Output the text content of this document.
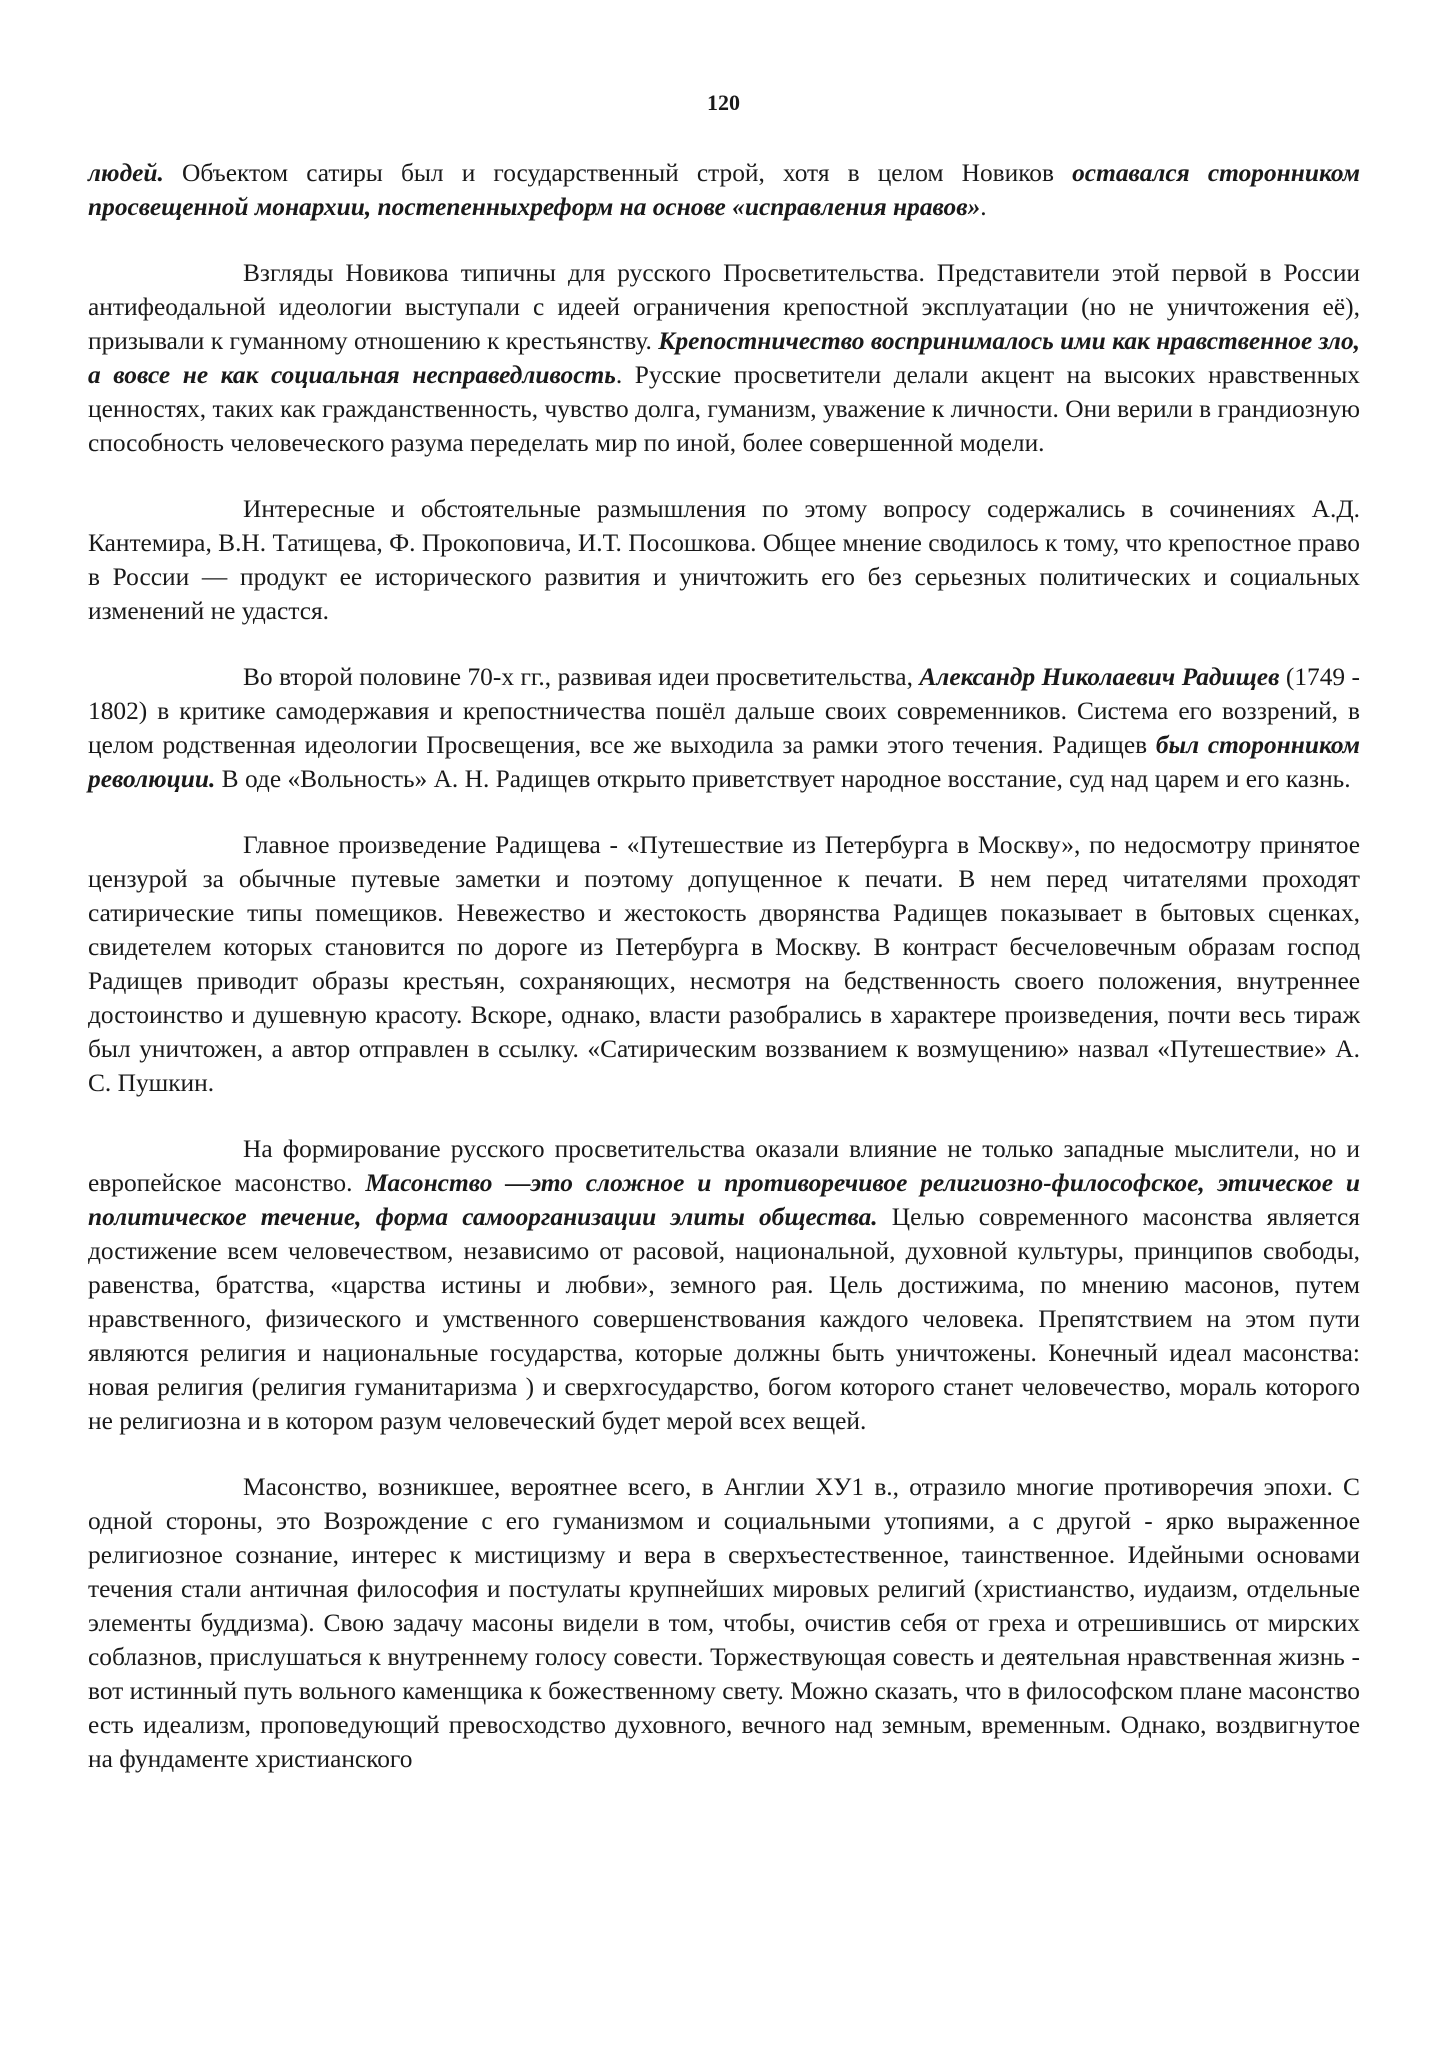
120

людей. Объектом сатиры был и государственный строй, хотя в целом Новиков оставался сторонником просвещенной монархии, постепенныхреформ на основе «исправления нравов».

Взгляды Новикова типичны для русского Просветительства. Представители этой первой в России антифеодальной идеологии выступали с идеей ограничения крепостной эксплуатации (но не уничтожения её), призывали к гуманному отношению к крестьянству. Крепостничество воспринималось ими как нравственное зло, а вовсе не как социальная несправедливость. Русские просветители делали акцент на высоких нравственных ценностях, таких как гражданственность, чувство долга, гуманизм, уважение к личности. Они верили в грандиозную способность человеческого разума переделать мир по иной, более совершенной модели.

Интересные и обстоятельные размышления по этому вопросу содержались в сочинениях А.Д. Кантемира, В.Н. Татищева, Ф. Прокоповича, И.Т. Посошкова. Общее мнение сводилось к тому, что крепостное право в России — продукт ее исторического развития и уничтожить его без серьезных политических и социальных изменений не удастся.

Во второй половине 70-х гг., развивая идеи просветительства, Александр Николаевич Радищев (1749 - 1802) в критике самодержавия и крепостничества пошёл дальше своих современников. Система его воззрений, в целом родственная идеологии Просвещения, все же выходила за рамки этого течения. Радищев был сторонником революции. В оде «Вольность» А. Н. Радищев открыто приветствует народное восстание, суд над царем и его казнь.

Главное произведение Радищева - «Путешествие из Петербурга в Москву», по недосмотру принятое цензурой за обычные путевые заметки и поэтому допущенное к печати. В нем перед читателями проходят сатирические типы помещиков. Невежество и жестокость дворянства Радищев показывает в бытовых сценках, свидетелем которых становится по дороге из Петербурга в Москву. В контраст бесчеловечным образам господ Радищев приводит образы крестьян, сохраняющих, несмотря на бедственность своего положения, внутреннее достоинство и душевную красоту. Вскоре, однако, власти разобрались в характере произведения, почти весь тираж был уничтожен, а автор отправлен в ссылку. «Сатирическим воззванием к возмущению» назвал «Путешествие» А. С. Пушкин.

На формирование русского просветительства оказали влияние не только западные мыслители, но и европейское масонство. Масонство —это сложное и противоречивое религиозно-философское, этическое и политическое течение, форма самоорганизации элиты общества. Целью современного масонства является достижение всем человечеством, независимо от расовой, национальной, духовной культуры, принципов свободы, равенства, братства, «царства истины и любви», земного рая. Цель достижима, по мнению масонов, путем нравственного, физического и умственного совершенствования каждого человека. Препятствием на этом пути являются религия и национальные государства, которые должны быть уничтожены. Конечный идеал масонства: новая религия (религия гуманитаризма ) и сверхгосударство, богом которого станет человечество, мораль которого не религиозна и в котором разум человеческий будет мерой всех вещей.

Масонство, возникшее, вероятнее всего, в Англии ХУ1 в., отразило многие противоречия эпохи. С одной стороны, это Возрождение с его гуманизмом и социальными утопиями, а с другой - ярко выраженное религиозное сознание, интерес к мистицизму и вера в сверхъестественное, таинственное. Идейными основами течения стали античная философия и постулаты крупнейших мировых религий (христианство, иудаизм, отдельные элементы буддизма). Свою задачу масоны видели в том, чтобы, очистив себя от греха и отрешившись от мирских соблазнов, прислушаться к внутреннему голосу совести. Торжествующая совесть и деятельная нравственная жизнь - вот истинный путь вольного каменщика к божественному свету. Можно сказать, что в философском плане масонство есть идеализм, проповедующий превосходство духовного, вечного над земным, временным. Однако, воздвигнутое на фундаменте христианского
